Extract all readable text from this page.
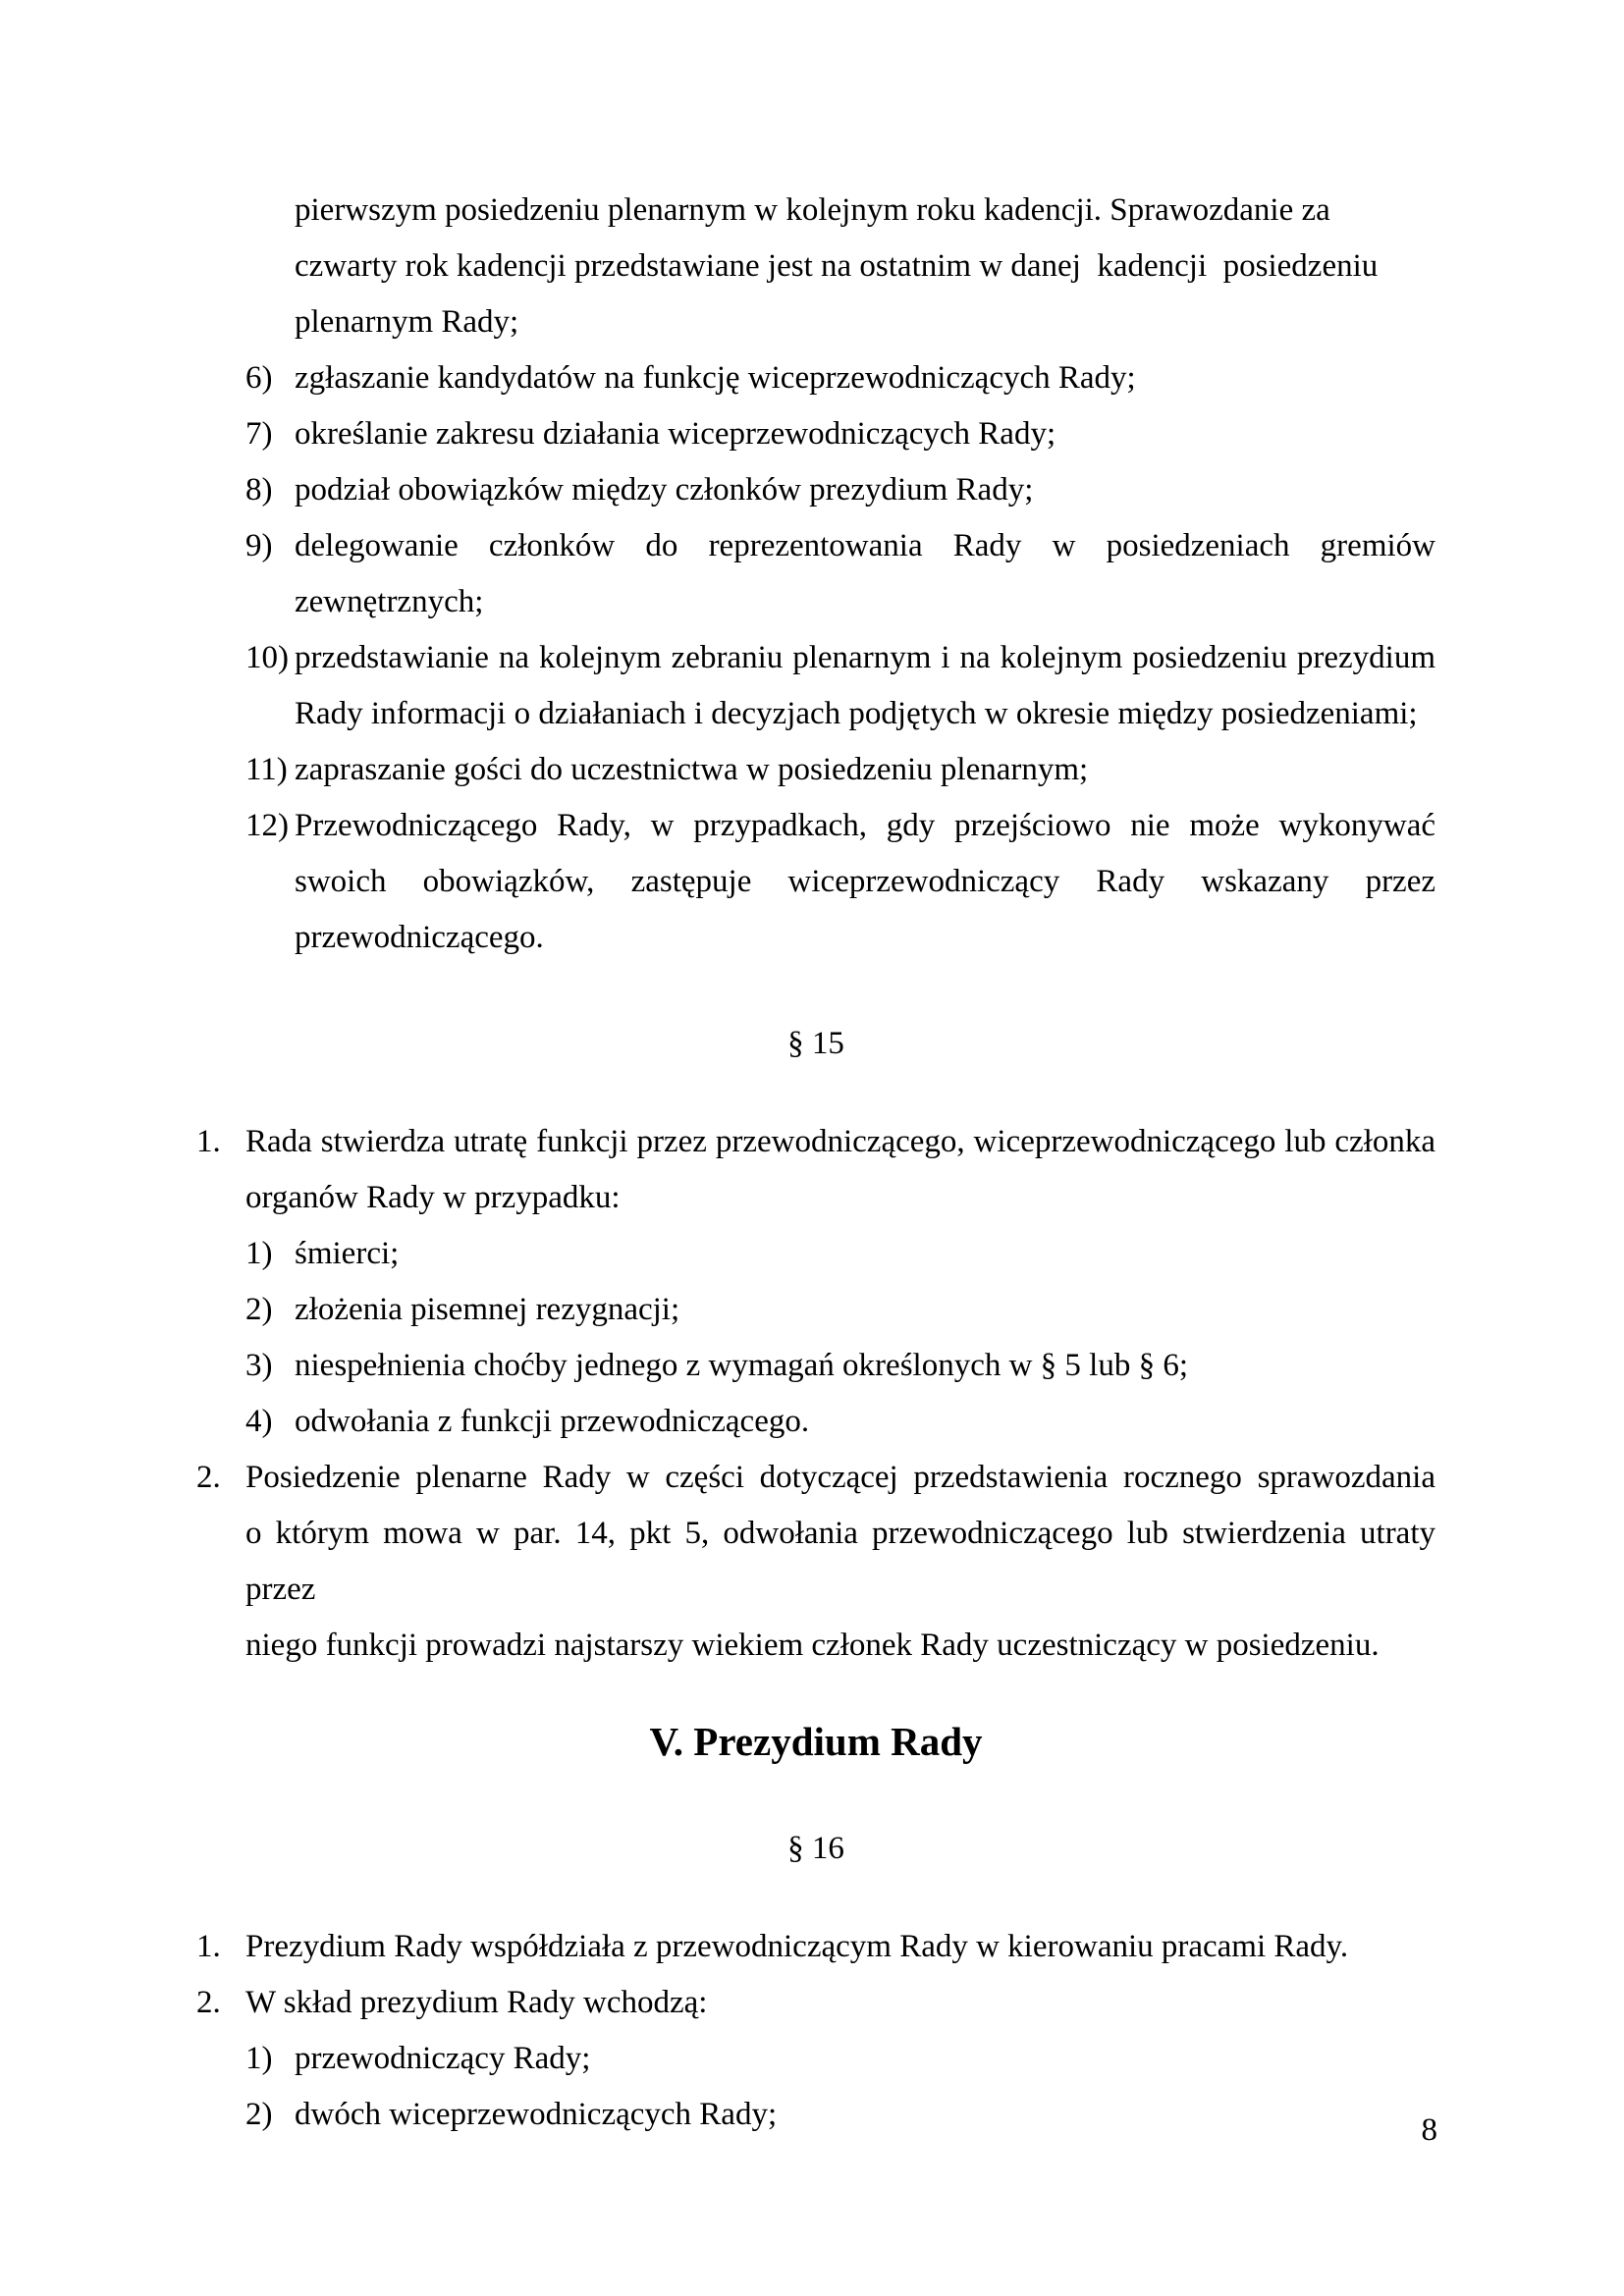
pierwszym posiedzeniu plenarnym w kolejnym roku kadencji. Sprawozdanie za
czwarty rok kadencji przedstawiane jest na ostatnim w danej  kadencji  posiedzeniu
plenarnym Rady;
6) zgłaszanie kandydatów na funkcję wiceprzewodniczących Rady;
7) określanie zakresu działania wiceprzewodniczących Rady;
8) podział obowiązków między członków prezydium Rady;
9) delegowanie członków do reprezentowania Rady w posiedzeniach gremiów
zewnętrznych;
10) przedstawianie na kolejnym zebraniu plenarnym i na kolejnym posiedzeniu prezydium
Rady informacji o działaniach i decyzjach podjętych w okresie między posiedzeniami;
11) zapraszanie gości do uczestnictwa w posiedzeniu plenarnym;
12) Przewodniczącego Rady, w przypadkach, gdy przejściowo nie może wykonywać
swoich obowiązków, zastępuje wiceprzewodniczący Rady wskazany przez
przewodniczącego.
§ 15
1. Rada stwierdza utratę funkcji przez przewodniczącego, wiceprzewodniczącego lub członka
organów Rady w przypadku:
1) śmierci;
2) złożenia pisemnej rezygnacji;
3) niespełnienia choćby jednego z wymagań określonych w § 5 lub § 6;
4) odwołania z funkcji przewodniczącego.
2. Posiedzenie plenarne Rady w części dotyczącej przedstawienia rocznego sprawozdania
o którym mowa w par. 14, pkt 5, odwołania przewodniczącego lub stwierdzenia utraty przez
niego funkcji prowadzi najstarszy wiekiem członek Rady uczestniczący w posiedzeniu.
V. Prezydium Rady
§ 16
1. Prezydium Rady współdziała z przewodniczącym Rady w kierowaniu pracami Rady.
2. W skład prezydium Rady wchodzą:
1) przewodniczący Rady;
2) dwóch wiceprzewodniczących Rady;	8
